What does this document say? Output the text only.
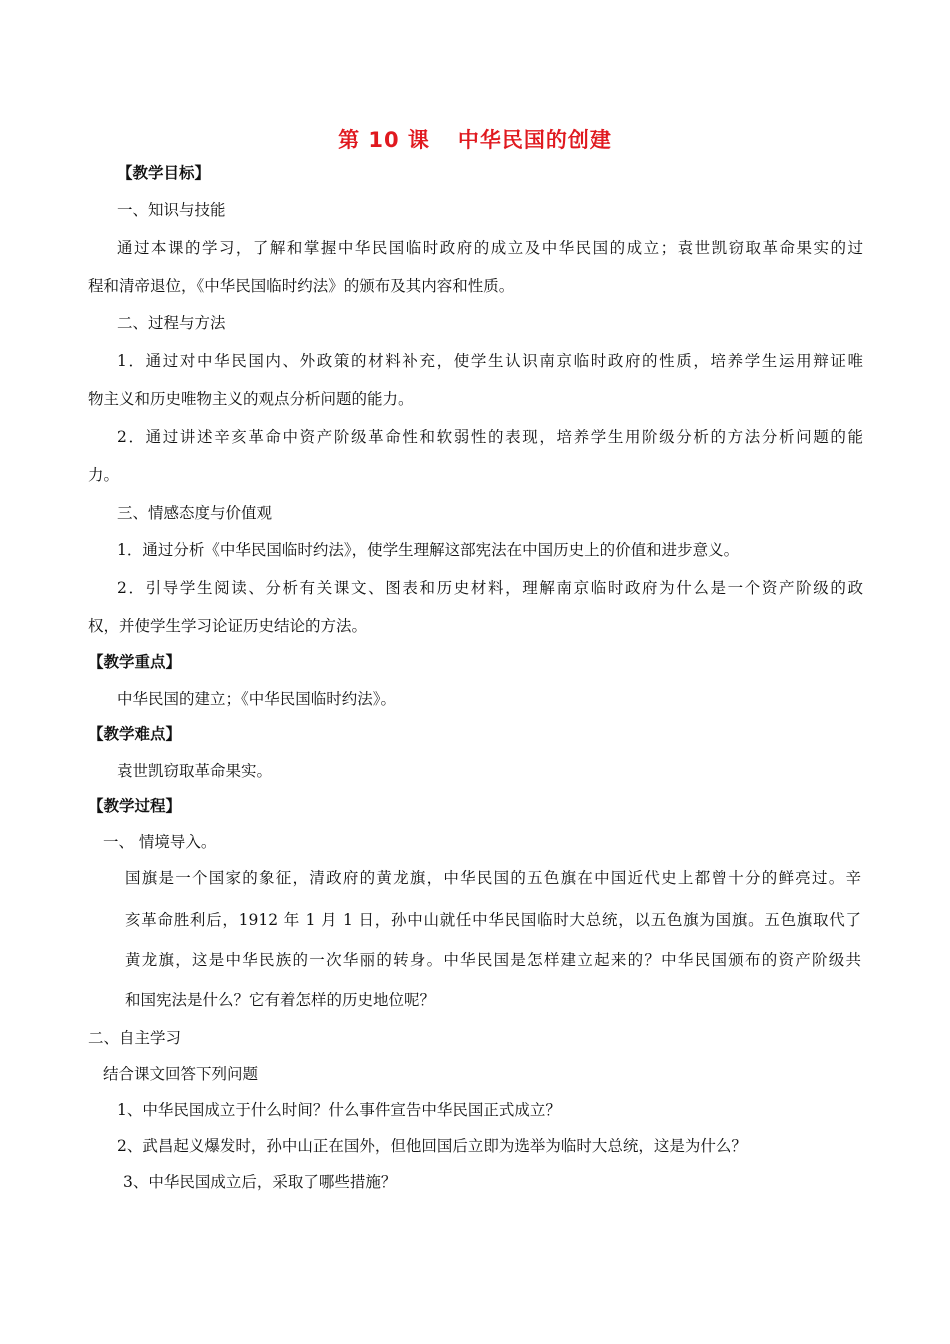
第 10 课 中华民国的创建
【教学目标】
一、知识与技能
通过本课的学习，了解和掌握中华民国临时政府的成立及中华民国的成立；袁世凯窃取革命果实的过
程和清帝退位，《中华民国临时约法》的颁布及其内容和性质。
二、过程与方法
1．通过对中华民国内、外政策的材料补充，使学生认识南京临时政府的性质，培养学生运用辩证唯
物主义和历史唯物主义的观点分析问题的能力。
2．通过讲述辛亥革命中资产阶级革命性和软弱性的表现，培养学生用阶级分析的方法分析问题的能
力。
三、情感态度与价值观
1．通过分析《中华民国临时约法》，使学生理解这部宪法在中国历史上的价值和进步意义。
2．引导学生阅读、分析有关课文、图表和历史材料，理解南京临时政府为什么是一个资产阶级的政
权，并使学生学习论证历史结论的方法。
【教学重点】
中华民国的建立；《中华民国临时约法》。
【教学难点】
袁世凯窃取革命果实。
【教学过程】
一、 情境导入。
国旗是一个国家的象征，清政府的黄龙旗，中华民国的五色旗在中国近代史上都曾十分的鲜亮过。辛
亥革命胜利后，1912 年 1 月 1 日，孙中山就任中华民国临时大总统，以五色旗为国旗。五色旗取代了
黄龙旗，这是中华民族的一次华丽的转身。中华民国是怎样建立起来的？中华民国颁布的资产阶级共
和国宪法是什么？它有着怎样的历史地位呢？
二、自主学习
结合课文回答下列问题
1、中华民国成立于什么时间？什么事件宣告中华民国正式成立？
2、武昌起义爆发时，孙中山正在国外，但他回国后立即为选举为临时大总统，这是为什么？
3、中华民国成立后，采取了哪些措施？
